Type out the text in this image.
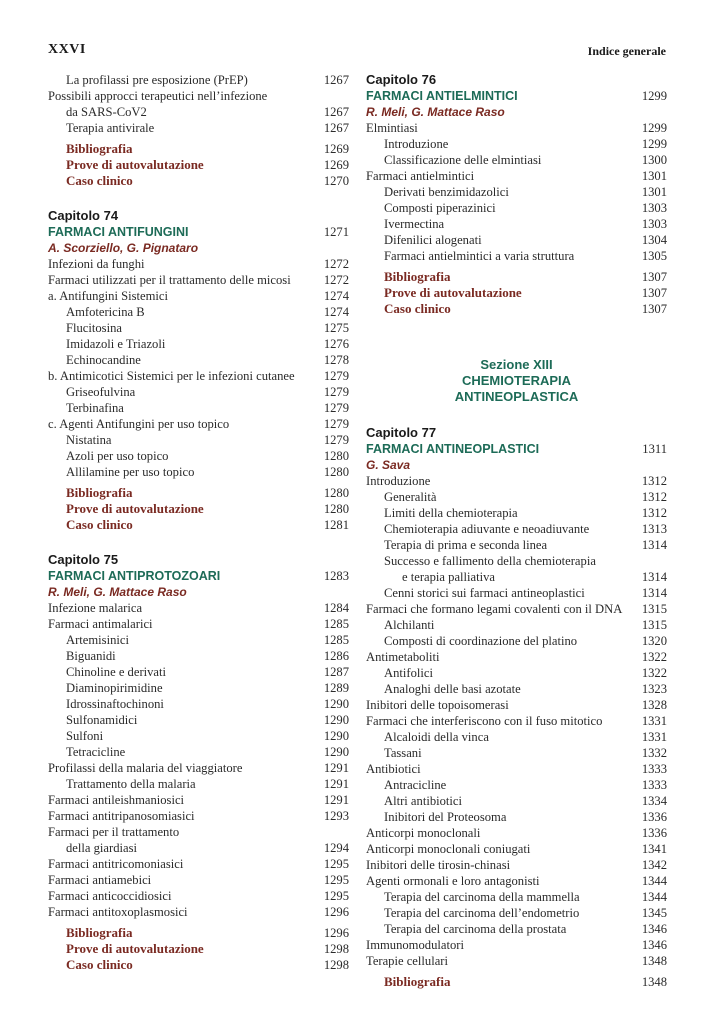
XXVI	Indice generale
La profilassi pre esposizione (PrEP)	1267
Possibili approcci terapeutici nell’infezione
da SARS-CoV2	1267
Terapia antivirale	1267
Bibliografia	1269
Prove di autovalutazione	1269
Caso clinico	1270
Capitolo 74
FARMACI ANTIFUNGINI	1271
A. Scorziello, G. Pignataro
Infezioni da funghi	1272
Farmaci utilizzati per il trattamento delle micosi	1272
a. Antifungini Sistemici	1274
Amfotericina B	1274
Flucitosina	1275
Imidazoli e Triazoli	1276
Echinocandine	1278
b. Antimicotici Sistemici per le infezioni cutanee 1279
Griseofulvina	1279
Terbinafina	1279
c. Agenti Antifungini per uso topico	1279
Nistatina	1279
Azoli per uso topico	1280
Allilamine per uso topico	1280
Bibliografia	1280
Prove di autovalutazione	1280
Caso clinico	1281
Capitolo 75
FARMACI ANTIPROTOZOARI	1283
R. Meli, G. Mattace Raso
Infezione malarica	1284
Farmaci antimalarici	1285
Artemisinici	1285
Biguanidi	1286
Chinoline e derivati	1287
Diaminopirimidine	1289
Idrossinaftochinoni	1290
Sulfonamidici	1290
Sulfoni	1290
Tetracicline	1290
Profilassi della malaria del viaggiatore	1291
Trattamento della malaria	1291
Farmaci antileishmaniosici	1291
Farmaci antitripanosomiasici	1293
Farmaci per il trattamento
della giardiasi	1294
Farmaci antitricomoniasici	1295
Farmaci antiamebici	1295
Farmaci anticoccidiosici	1295
Farmaci antitoxoplasmosici	1296
Bibliografia	1296
Prove di autovalutazione	1298
Caso clinico	1298
Capitolo 76
FARMACI ANTIELMINTICI	1299
R. Meli, G. Mattace Raso
Elmintiasi	1299
Introduzione	1299
Classificazione delle elmintiasi	1300
Farmaci antielmintici	1301
Derivati benzimidazolici	1301
Composti piperazinici	1303
Ivermectina	1303
Difenilici alogenati	1304
Farmaci antielmintici a varia struttura	1305
Bibliografia	1307
Prove di autovalutazione	1307
Caso clinico	1307
Sezione XIII
CHEMIOTERAPIA
ANTINEOPLASTICA
Capitolo 77
FARMACI ANTINEOPLASTICI	1311
G. Sava
Introduzione	1312
Generalità	1312
Limiti della chemioterapia	1312
Chemioterapia adiuvante e neoadiuvante	1313
Terapia di prima e seconda linea	1314
Successo e fallimento della chemioterapia
e terapia palliativa	1314
Cenni storici sui farmaci antineoplastici	1314
Farmaci che formano legami covalenti con il DNA 1315
Alchilanti	1315
Composti di coordinazione del platino	1320
Antimetaboliti	1322
Antifolici	1322
Analoghi delle basi azotate	1323
Inibitori delle topoisomerasi	1328
Farmaci che interferiscono con il fuso mitotico	1331
Alcaloidi della vinca	1331
Tassani	1332
Antibiotici	1333
Antracicline	1333
Altri antibiotici	1334
Inibitori del Proteosoma	1336
Anticorpi monoclonali	1336
Anticorpi monoclonali coniugati	1341
Inibitori delle tirosin-chinasi	1342
Agenti ormonali e loro antagonisti	1344
Terapia del carcinoma della mammella	1344
Terapia del carcinoma dell’endometrio	1345
Terapia del carcinoma della prostata	1346
Immunomodulatori	1346
Terapie cellulari	1348
Bibliografia	1348
